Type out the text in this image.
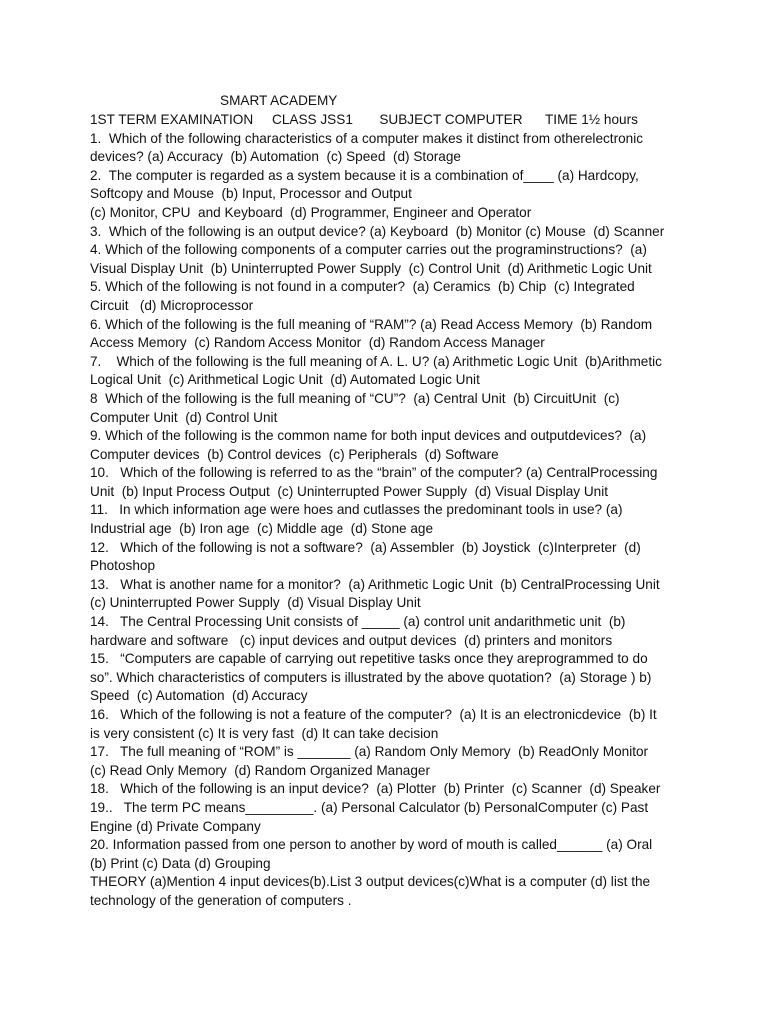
SMART ACADEMY
1ST TERM EXAMINATION     CLASS JSS1       SUBJECT COMPUTER      TIME 1½ hours
1.  Which of the following characteristics of a computer makes it distinct from otherelectronic
devices? (a) Accuracy  (b) Automation  (c) Speed  (d) Storage
2.  The computer is regarded as a system because it is a combination of____ (a) Hardcopy,
Softcopy and Mouse  (b) Input, Processor and Output
(c) Monitor, CPU  and Keyboard  (d) Programmer, Engineer and Operator
3.  Which of the following is an output device? (a) Keyboard  (b) Monitor (c) Mouse  (d) Scanner
4. Which of the following components of a computer carries out the programinstructions?  (a)
Visual Display Unit  (b) Uninterrupted Power Supply  (c) Control Unit  (d) Arithmetic Logic Unit
5. Which of the following is not found in a computer?  (a) Ceramics  (b) Chip  (c) Integrated
Circuit   (d) Microprocessor
6. Which of the following is the full meaning of “RAM”? (a) Read Access Memory  (b) Random
Access Memory  (c) Random Access Monitor  (d) Random Access Manager
7.    Which of the following is the full meaning of A. L. U? (a) Arithmetic Logic Unit  (b)Arithmetic
Logical Unit  (c) Arithmetical Logic Unit  (d) Automated Logic Unit
8  Which of the following is the full meaning of “CU”?  (a) Central Unit  (b) CircuitUnit  (c)
Computer Unit  (d) Control Unit
9. Which of the following is the common name for both input devices and outputdevices?  (a)
Computer devices  (b) Control devices  (c) Peripherals  (d) Software
10.   Which of the following is referred to as the “brain” of the computer? (a) CentralProcessing
Unit  (b) Input Process Output  (c) Uninterrupted Power Supply  (d) Visual Display Unit
11.   In which information age were hoes and cutlasses the predominant tools in use? (a)
Industrial age  (b) Iron age  (c) Middle age  (d) Stone age
12.   Which of the following is not a software?  (a) Assembler  (b) Joystick  (c)Interpreter  (d)
Photoshop
13.   What is another name for a monitor?  (a) Arithmetic Logic Unit  (b) CentralProcessing Unit
(c) Uninterrupted Power Supply  (d) Visual Display Unit
14.   The Central Processing Unit consists of _____ (a) control unit andarithmetic unit  (b)
hardware and software   (c) input devices and output devices  (d) printers and monitors
15.   “Computers are capable of carrying out repetitive tasks once they areprogrammed to do
so”. Which characteristics of computers is illustrated by the above quotation?  (a) Storage ) b)
Speed  (c) Automation  (d) Accuracy
16.   Which of the following is not a feature of the computer?  (a) It is an electronicdevice  (b) It
is very consistent (c) It is very fast  (d) It can take decision
17.   The full meaning of “ROM” is _______ (a) Random Only Memory  (b) ReadOnly Monitor
(c) Read Only Memory  (d) Random Organized Manager
18.   Which of the following is an input device?  (a) Plotter  (b) Printer  (c) Scanner  (d) Speaker
19..   The term PC means_________. (a) Personal Calculator (b) PersonalComputer (c) Past
Engine (d) Private Company
20. Information passed from one person to another by word of mouth is called______ (a) Oral
(b) Print (c) Data (d) Grouping
THEORY (a)Mention 4 input devices(b).List 3 output devices(c)What is a computer (d) list the
technology of the generation of computers .
